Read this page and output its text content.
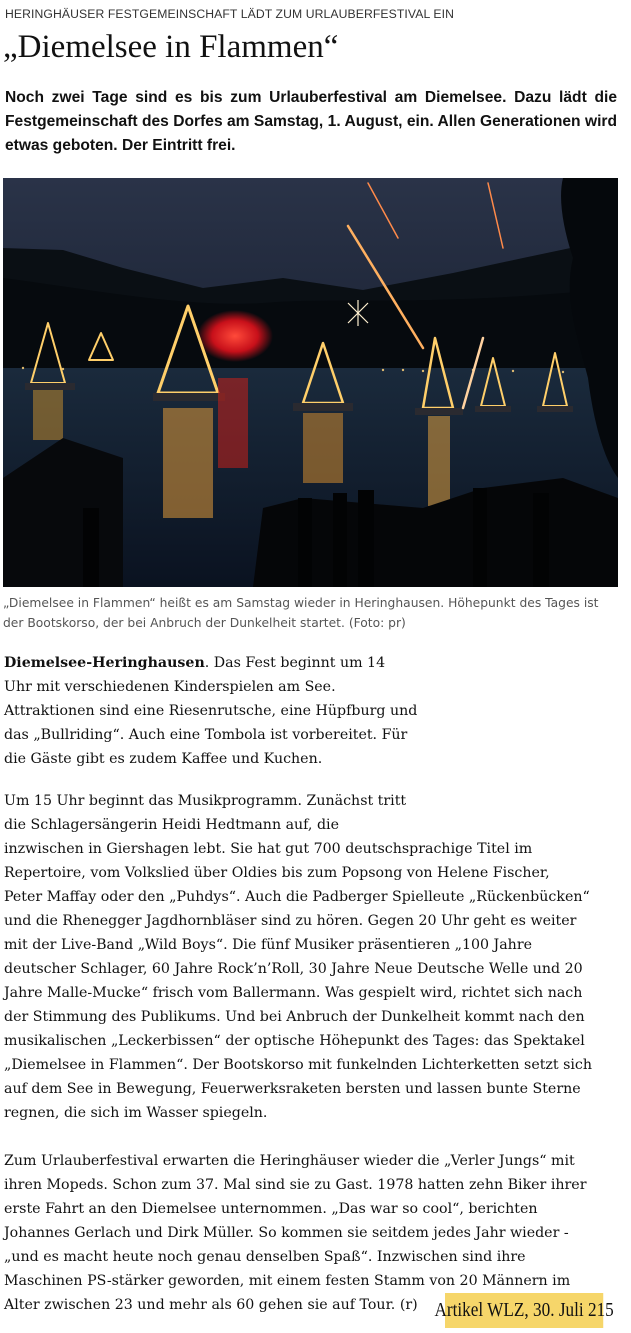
HERINGHÄUSER FESTGEMEINSCHAFT LÄDT ZUM URLAUBERFESTIVAL EIN
„Diemelsee in Flammen“
Noch zwei Tage sind es bis zum Urlauberfestival am Diemelsee. Dazu lädt die Festgemeinschaft des Dorfes am Samstag, 1. August, ein. Allen Generationen wird etwas geboten. Der Eintritt frei.
„Diemelsee in Flammen“ heißt es am Samstag wieder in Heringhausen. Höhepunkt des Tages ist der Bootskorso, der bei Anbruch der Dunkelheit startet. (Foto: pr)
Diemelsee-Heringhausen. Das Fest beginnt um 14
Uhr mit verschiedenen Kinderspielen am See.
Attraktionen sind eine Riesenrutsche, eine Hüpfburg und
das „Bullriding“. Auch eine Tombola ist vorbereitet. Für
die Gäste gibt es zudem Kaffee und Kuchen.
Um 15 Uhr beginnt das Musikprogramm. Zunächst tritt
die Schlagersängerin Heidi Hedtmann auf, die
inzwischen in Giershagen lebt. Sie hat gut 700 deutschsprachige Titel im
Repertoire, vom Volkslied über Oldies bis zum Popsong von Helene Fischer,
Peter Maffay oder den „Puhdys“. Auch die Padberger Spielleute „Rückenbücken“
und die Rhenegger Jagdhornbläser sind zu hören. Gegen 20 Uhr geht es weiter
mit der Live-Band „Wild Boys“. Die fünf Musiker präsentieren „100 Jahre
deutscher Schlager, 60 Jahre Rock’n’Roll, 30 Jahre Neue Deutsche Welle und 20
Jahre Malle-Mucke“ frisch vom Ballermann. Was gespielt wird, richtet sich nach
der Stimmung des Publikums. Und bei Anbruch der Dunkelheit kommt nach den
musikalischen „Leckerbissen“ der optische Höhepunkt des Tages: das Spektakel
„Diemelsee in Flammen“. Der Bootskorso mit funkelnden Lichterketten setzt sich
auf dem See in Bewegung, Feuerwerksraketen bersten und lassen bunte Sterne
regnen, die sich im Wasser spiegeln.
Zum Urlauberfestival erwarten die Heringhäuser wieder die „Verler Jungs“ mit
ihren Mopeds. Schon zum 37. Mal sind sie zu Gast. 1978 hatten zehn Biker ihrer
erste Fahrt an den Diemelsee unternommen. „Das war so cool“, berichten
Johannes Gerlach und Dirk Müller. So kommen sie seitdem jedes Jahr wieder -
„und es macht heute noch genau denselben Spaß“. Inzwischen sind ihre
Maschinen PS-stärker geworden, mit einem festen Stamm von 20 Männern im
Alter zwischen 23 und mehr als 60 gehen sie auf Tour. (r) Artikel WLZ, 30. Juli 215
